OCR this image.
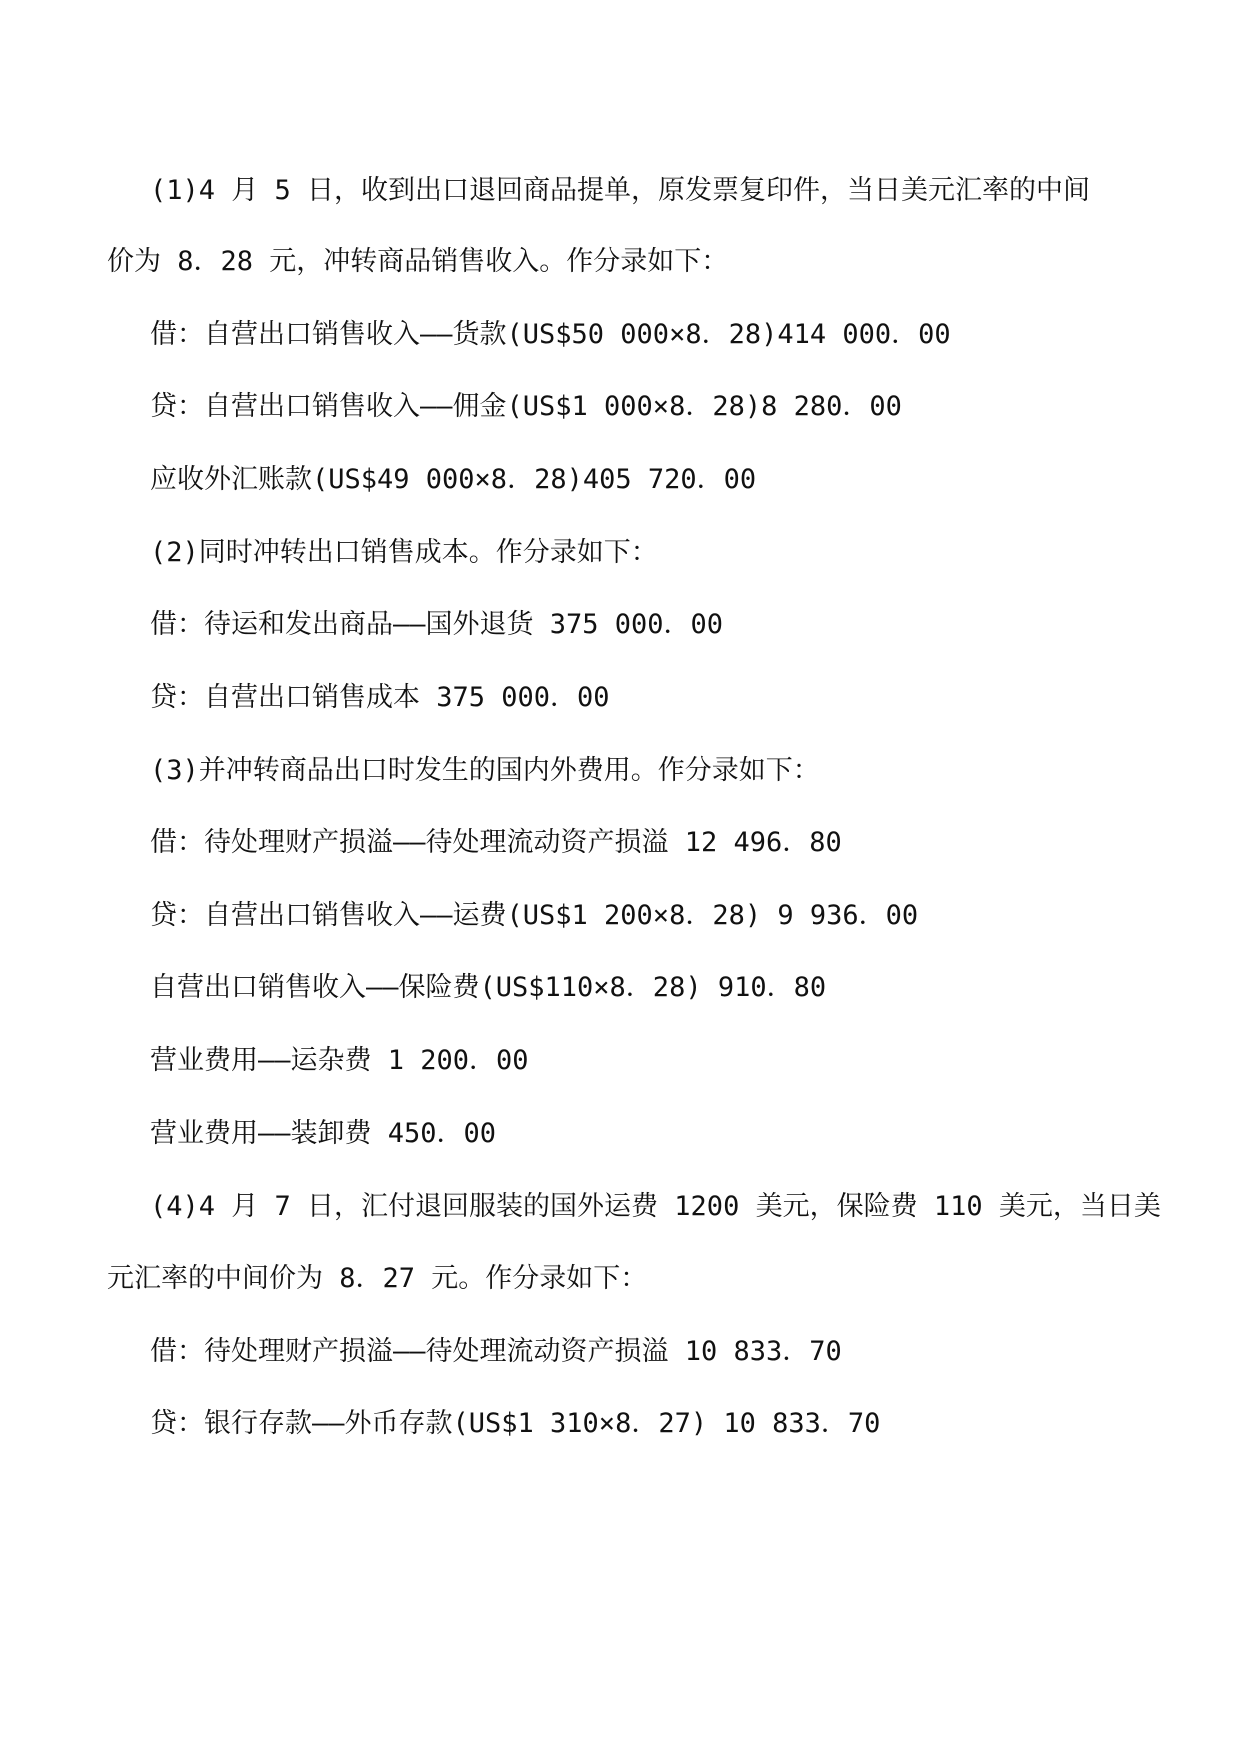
(1)4 月 5 日，收到出口退回商品提单，原发票复印件，当日美元汇率的中间
价为 8．28 元，冲转商品销售收入。作分录如下：
借：自营出口销售收入——货款(US$50 000×8．28)414 000．00
贷：自营出口销售收入——佣金(US$1 000×8．28)8 280．00
应收外汇账款(US$49 000×8．28)405 720．00
(2)同时冲转出口销售成本。作分录如下：
借：待运和发出商品——国外退货 375 000．00
贷：自营出口销售成本 375 000．00
(3)并冲转商品出口时发生的国内外费用。作分录如下：
借：待处理财产损溢——待处理流动资产损溢 12 496．80
贷：自营出口销售收入——运费(US$1 200×8．28) 9 936．00
自营出口销售收入——保险费(US$110×8．28) 910．80
营业费用——运杂费 1 200．00
营业费用——装卸费 450．00
(4)4 月 7 日，汇付退回服装的国外运费 1200 美元，保险费 110 美元，当日美
元汇率的中间价为 8．27 元。作分录如下：
借：待处理财产损溢——待处理流动资产损溢 10 833．70
贷：银行存款——外币存款(US$1 310×8．27) 10 833．70
